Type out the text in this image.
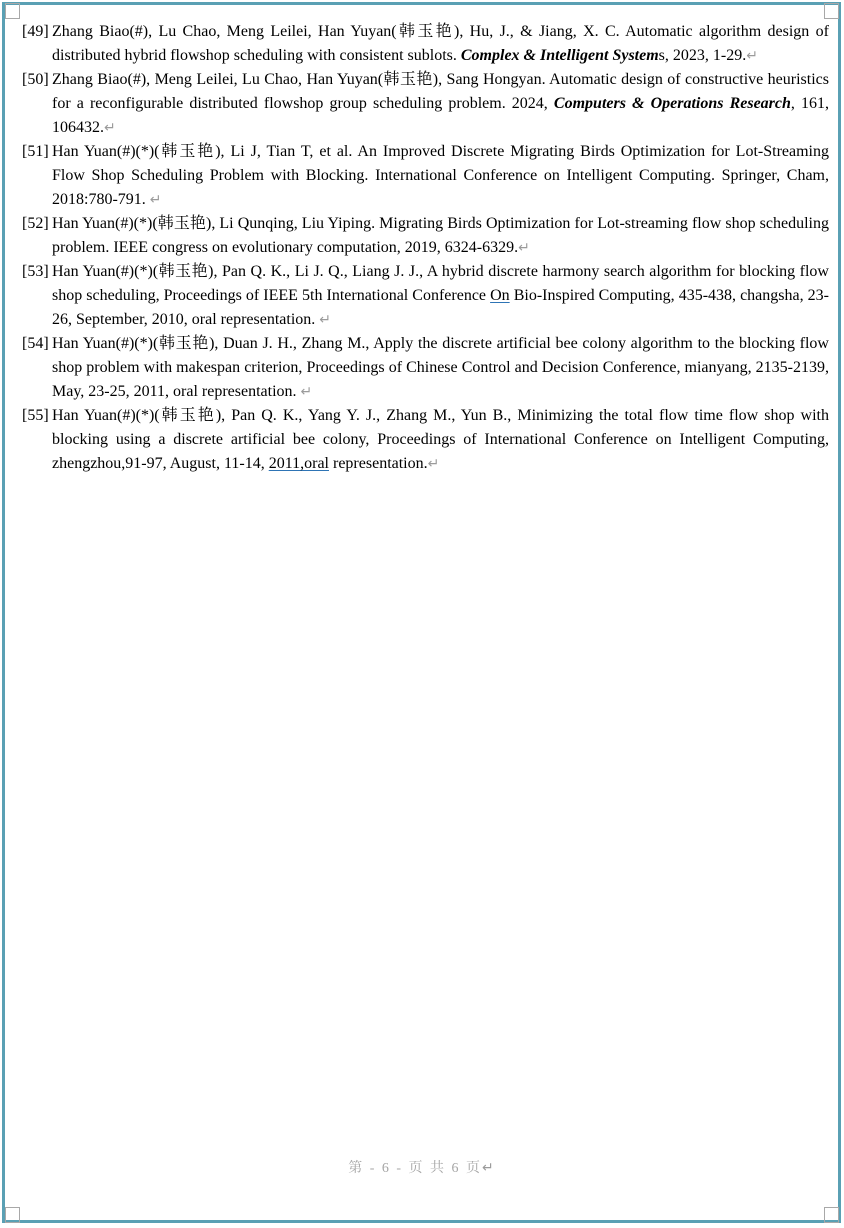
[49] Zhang Biao(#), Lu Chao, Meng Leilei, Han Yuyan(韩玉艳), Hu, J., & Jiang, X. C. Automatic algorithm design of distributed hybrid flowshop scheduling with consistent sublots. Complex & Intelligent Systems, 2023, 1-29.↵

[50] Zhang Biao(#), Meng Leilei, Lu Chao, Han Yuyan(韩玉艳), Sang Hongyan. Automatic design of constructive heuristics for a reconfigurable distributed flowshop group scheduling problem. 2024, Computers & Operations Research, 161, 106432.↵

[51] Han Yuan(#)(*)(韩玉艳), Li J, Tian T, et al. An Improved Discrete Migrating Birds Optimization for Lot-Streaming Flow Shop Scheduling Problem with Blocking. International Conference on Intelligent Computing. Springer, Cham, 2018:780-791. ↵

[52] Han Yuan(#)(*)(韩玉艳), Li Qunqing, Liu Yiping. Migrating Birds Optimization for Lot-streaming flow shop scheduling problem. IEEE congress on evolutionary computation, 2019, 6324-6329.↵

[53] Han Yuan(#)(*)(韩玉艳), Pan Q. K., Li J. Q., Liang J. J., A hybrid discrete harmony search algorithm for blocking flow shop scheduling, Proceedings of IEEE 5th International Conference On Bio-Inspired Computing, 435-438, changsha, 23-26, September, 2010, oral representation. ↵

[54] Han Yuan(#)(*)(韩玉艳), Duan J. H., Zhang M., Apply the discrete artificial bee colony algorithm to the blocking flow shop problem with makespan criterion, Proceedings of Chinese Control and Decision Conference, mianyang, 2135-2139, May, 23-25, 2011, oral representation. ↵

[55] Han Yuan(#)(*)(韩玉艳), Pan Q. K., Yang Y. J., Zhang M., Yun B., Minimizing the total flow time flow shop with blocking using a discrete artificial bee colony, Proceedings of International Conference on Intelligent Computing, zhengzhou,91-97, August, 11-14, 2011,oral representation.↵

第 - 6 - 页 共 6 页↵
